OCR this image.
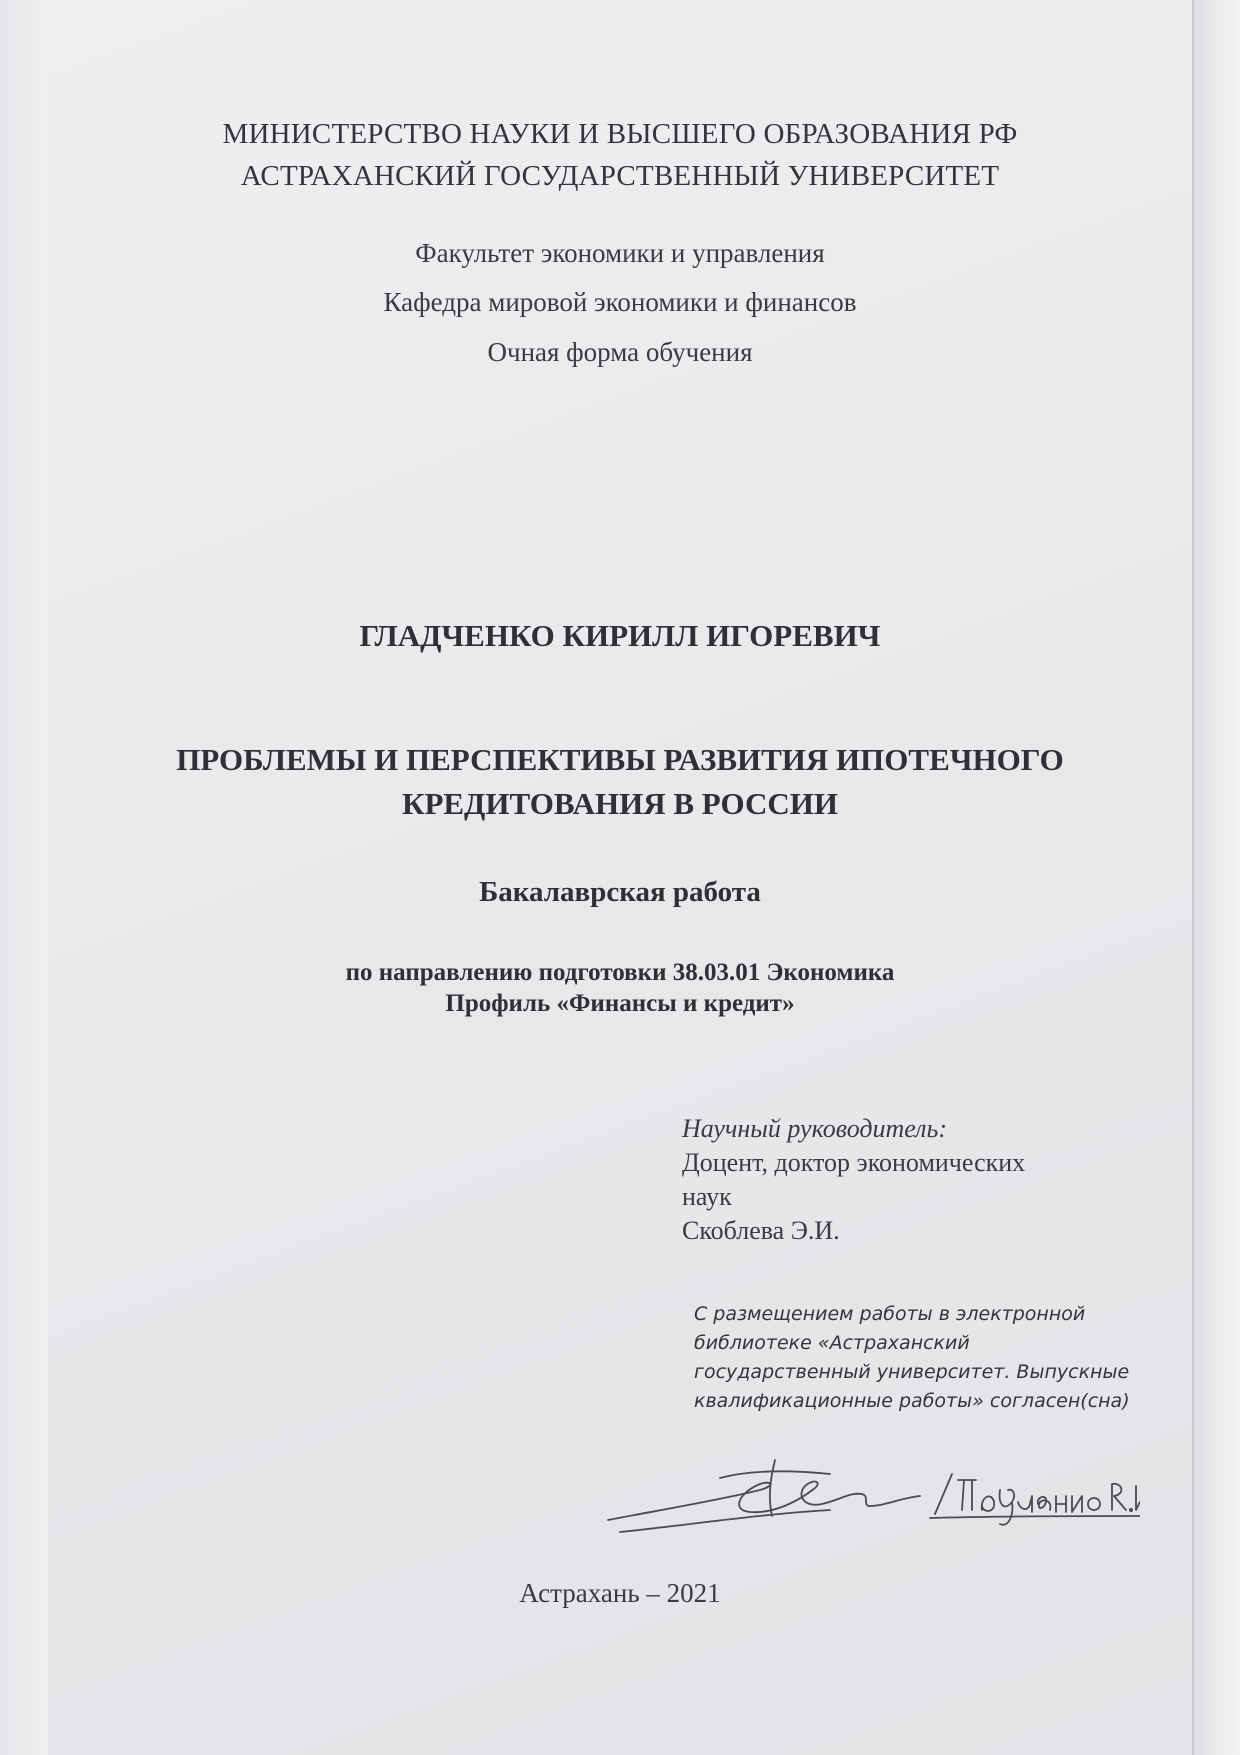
МИНИСТЕРСТВО НАУКИ И ВЫСШЕГО ОБРАЗОВАНИЯ РФ

АСТРАХАНСКИЙ ГОСУДАРСТВЕННЫЙ УНИВЕРСИТЕТ

Факультет экономики и управления

Кафедра мировой экономики и финансов

Очная форма обучения

ГЛАДЧЕНКО КИРИЛЛ ИГОРЕВИЧ

ПРОБЛЕМЫ И ПЕРСПЕКТИВЫ РАЗВИТИЯ ИПОТЕЧНОГО

КРЕДИТОВАНИЯ В РОССИИ

Бакалаврская работа

по направлению подготовки 38.03.01 Экономика

Профиль «Финансы и кредит»

Научный руководитель:
Доцент, доктор экономических
наук
Скоблева Э.И.
С размещением работы в электронной
библиотеке «Астраханский
государственный университет. Выпускные
квалификационные работы» согласен(сна)

Астрахань – 2021
